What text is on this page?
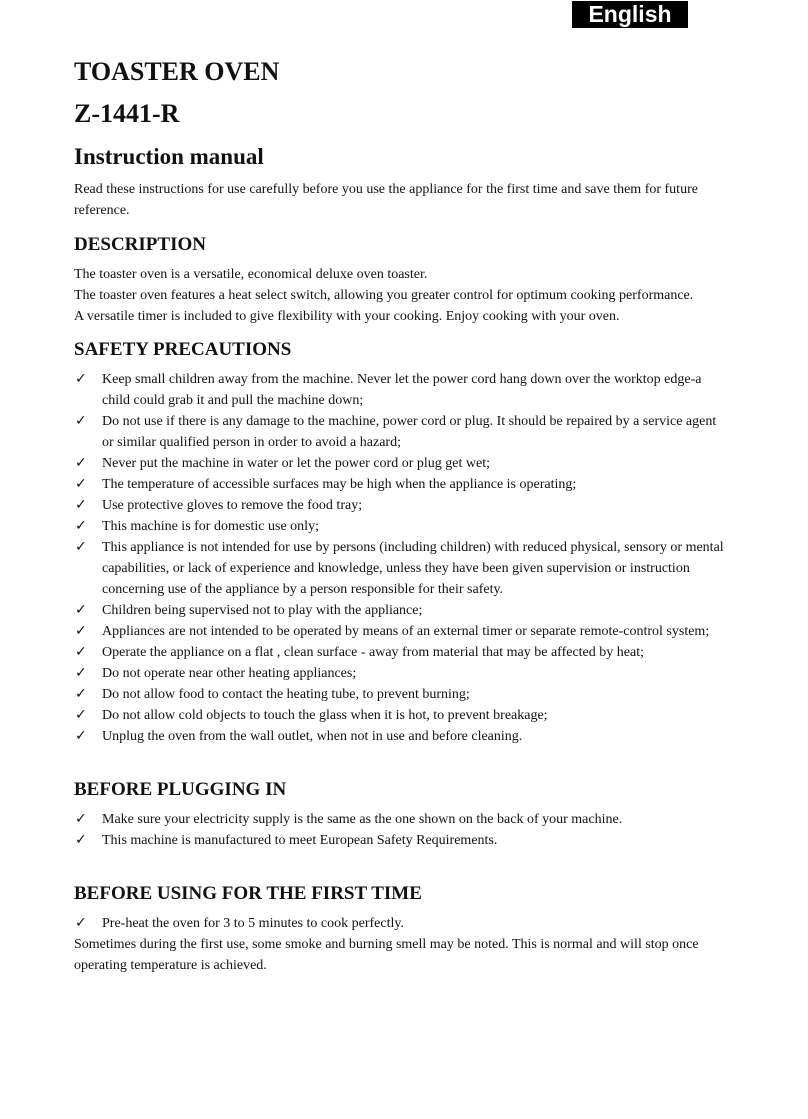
English
TOASTER OVEN
Z-1441-R
Instruction manual

Read these instructions for use carefully before you use the appliance for the first time and save them for future reference.

DESCRIPTION

The toaster oven is a versatile, economical deluxe oven toaster.

The toaster oven features a heat select switch, allowing you greater control for optimum cooking performance.

A versatile timer is included to give flexibility with your cooking. Enjoy cooking with your oven.

SAFETY PRECAUTIONS
✓ Keep small children away from the machine. Never let the power cord hang down over the worktop edge-a child could grab it and pull the machine down;
✓ Do not use if there is any damage to the machine, power cord or plug. It should be repaired by a service agent or similar qualified person in order to avoid a hazard;
✓ Never put the machine in water or let the power cord or plug get wet;
✓ The temperature of accessible surfaces may be high when the appliance is operating;
✓ Use protective gloves to remove the food tray;
✓ This machine is for domestic use only;
✓ This appliance is not intended for use by persons (including children) with reduced physical, sensory or mental capabilities, or lack of experience and knowledge, unless they have been given supervision or instruction concerning use of the appliance by a person responsible for their safety.
✓ Children being supervised not to play with the appliance;
✓ Appliances are not intended to be operated by means of an external timer or separate remote-control system;
✓ Operate the appliance on a flat , clean surface - away from material that may be affected by heat;
✓ Do not operate near other heating appliances;
✓ Do not allow food to contact the heating tube, to prevent burning;
✓ Do not allow cold objects to touch the glass when it is hot, to prevent breakage;
✓ Unplug the oven from the wall outlet, when not in use and before cleaning.
BEFORE PLUGGING IN
✓ Make sure your electricity supply is the same as the one shown on the back of your machine.
✓ This machine is manufactured to meet European Safety Requirements.
BEFORE USING FOR THE FIRST TIME
✓ Pre-heat the oven for 3 to 5 minutes to cook perfectly.

Sometimes during the first use, some smoke and burning smell may be noted. This is normal and will stop once operating temperature is achieved.
